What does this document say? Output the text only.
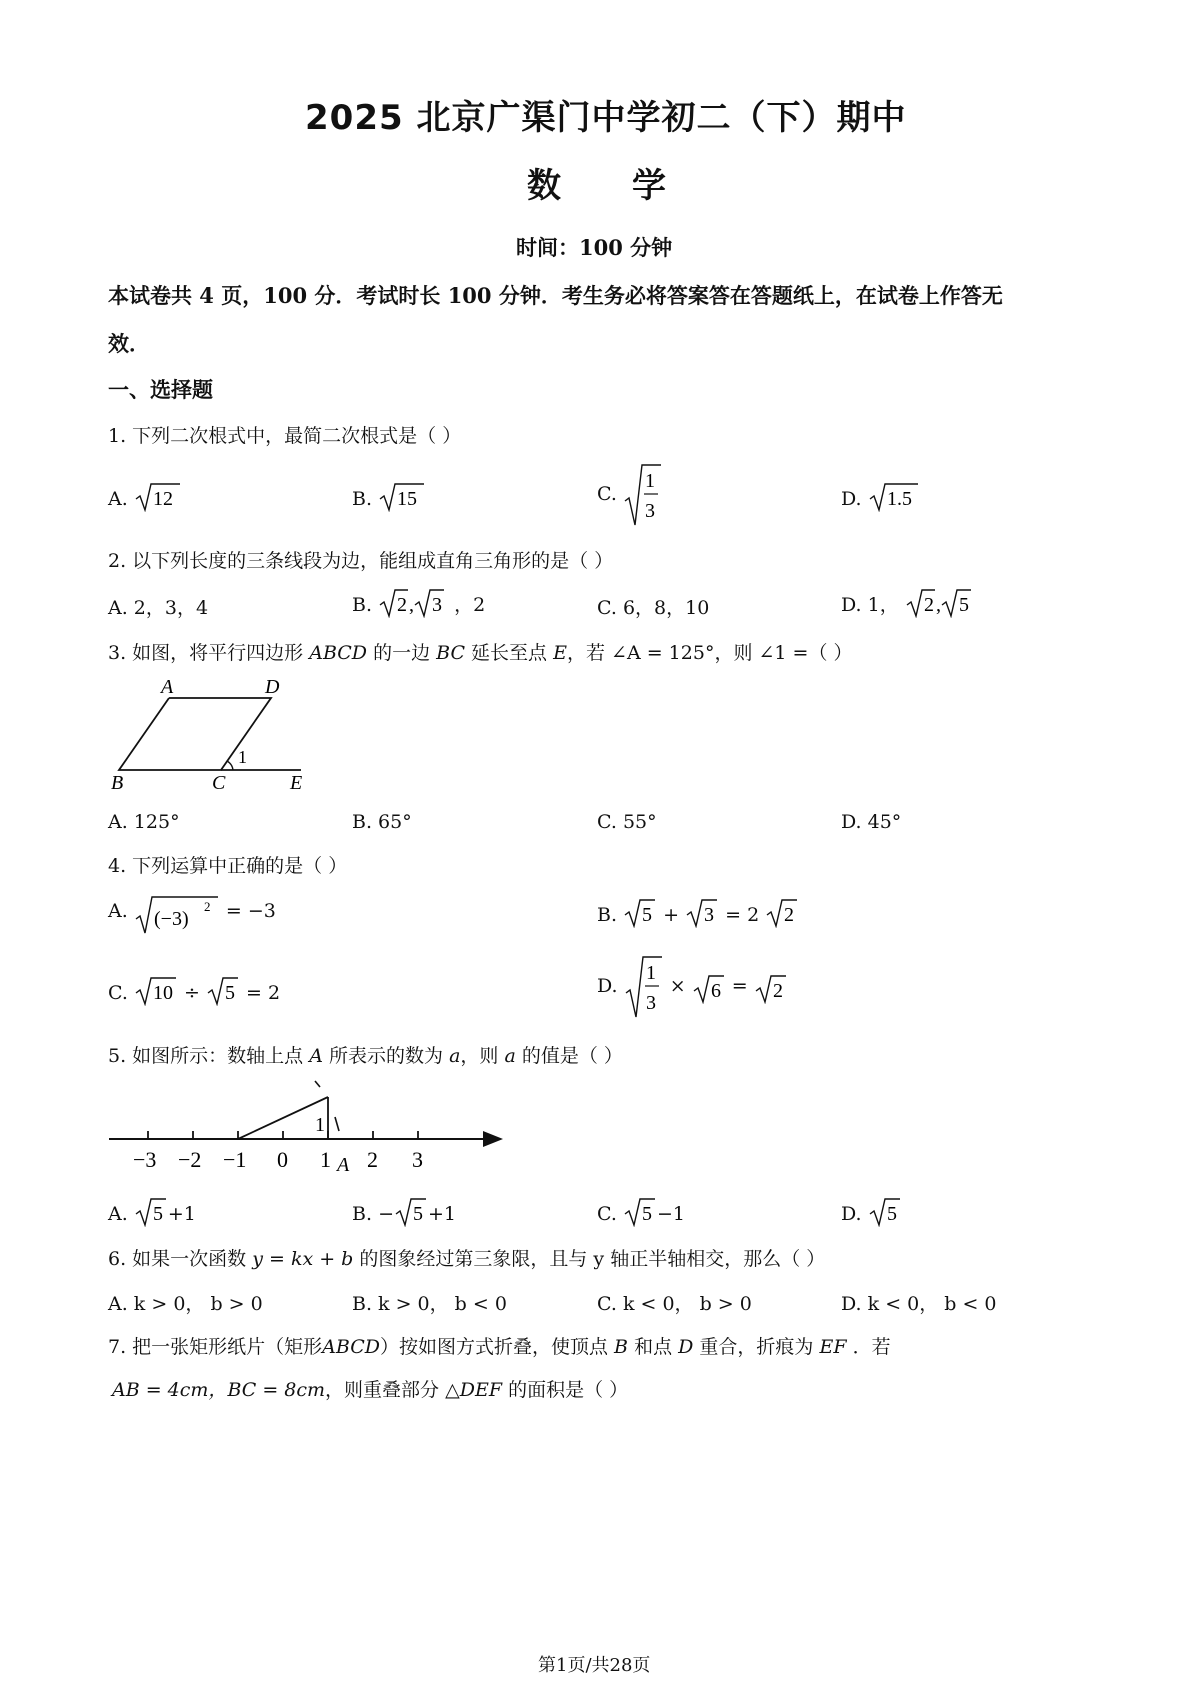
2025 北京广渠门中学初二（下）期中
数 学
时间：100 分钟
本试卷共 4 页，100 分．考试时长 100 分钟．考生务必将答案答在答题纸上，在试卷上作答无
效．
一、选择题
1. 下列二次根式中，最简二次根式是（ ）
A. 12	B. 15	C.
1
3
D. 1.5
2. 以下列长度的三条线段为边，能组成直角三角形的是（ ）
A. 2，3，4	B. 2 , 3 ，2	C. 6，8，10	D. 1， 2 , 5
3. 如图，将平行四边形 ABCD 的一边 BC 延长至点 E，若 ∠A = 125°，则 ∠1 =（ ）
A	D
B	C	E
1
A. 125°	B. 65°	C. 55°	D. 45°
4. 下列运算中正确的是（ ）
A. (−3)
2 = −3	B. 5 + 3 = 2 2
C. 10 ÷ 5 = 2	D.
1
3
× 6 = 2
5. 如图所示：数轴上点 A 所表示的数为 a，则 a 的值是（ ）
1
−3 −2 −1 0 1 A 2 3
A. 5 +1	B. − 5 +1	C. 5 −1	D. 5
6. 如果一次函数 y = kx + b 的图象经过第三象限，且与 y 轴正半轴相交，那么（ ）
A. k > 0， b > 0	B. k > 0， b < 0	C. k < 0， b > 0	D. k < 0， b < 0
7. 把一张矩形纸片（矩形ABCD）按如图方式折叠，使顶点 B 和点 D 重合，折痕为 EF ．若
AB = 4cm，BC = 8cm，则重叠部分 △DEF 的面积是（ ）
第1页/共28页
